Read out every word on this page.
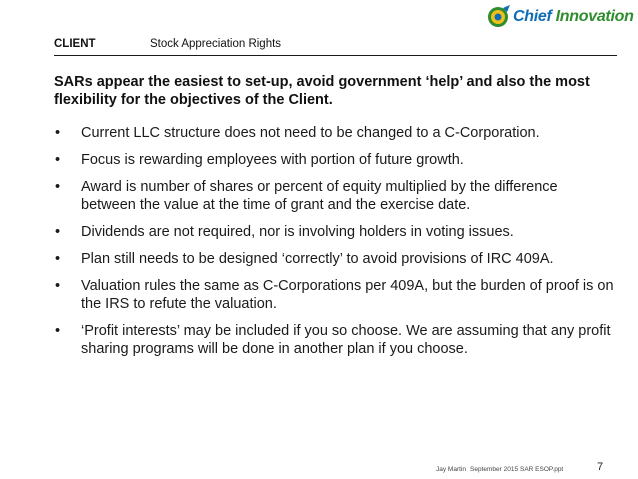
Chief Innovation
CLIENT	Stock Appreciation Rights
SARs appear the easiest to set-up, avoid government ‘help’ and also the most flexibility for the objectives of the Client.
• Current LLC structure does not need to be changed to a C-Corporation.
• Focus is rewarding employees with portion of future growth.
• Award is number of shares or percent of equity multiplied by the difference between the value at the time of grant and the exercise date.
• Dividends are not required, nor is involving holders in voting issues.
• Plan still needs to be designed ‘correctly’ to avoid provisions of IRC 409A.
• Valuation rules the same as C-Corporations per 409A, but the burden of proof is on the IRS to refute the valuation.
• ‘Profit interests’ may be included if you so choose. We are assuming that any profit sharing programs will be done in another plan if you choose.
Jay Martin September 2015 SAR ESOP.ppt	7
